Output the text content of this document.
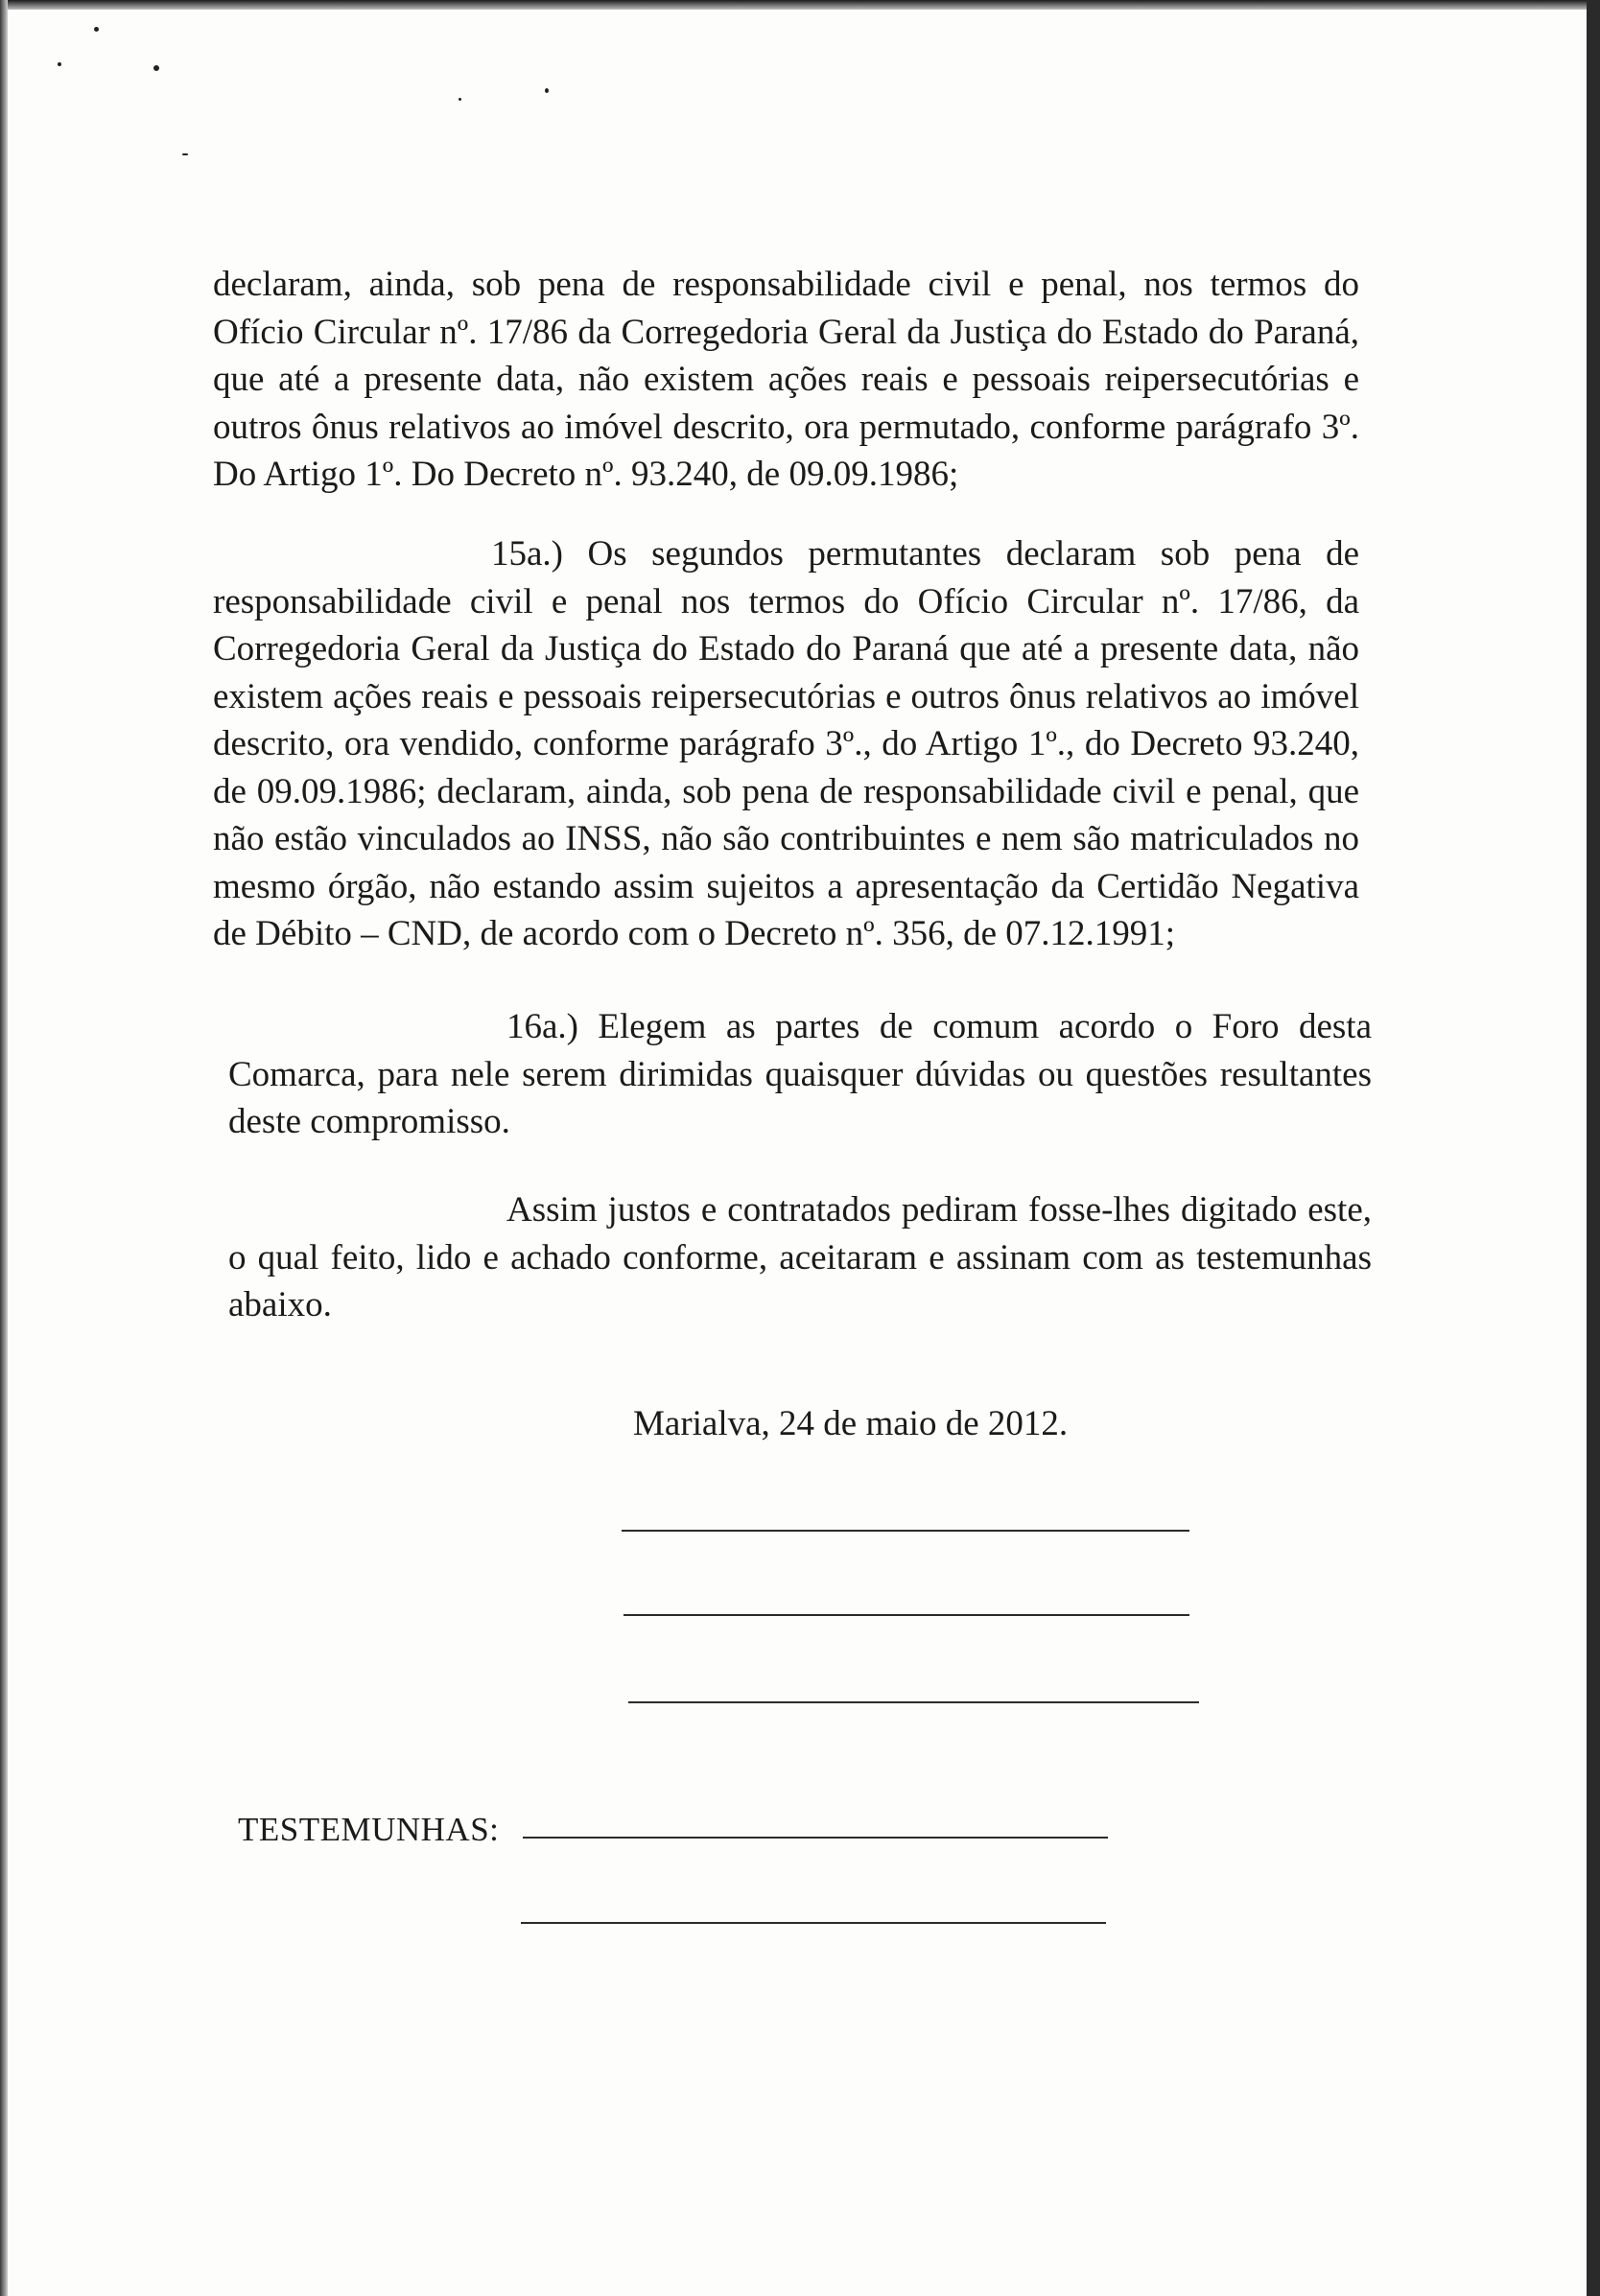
declaram, ainda, sob pena de responsabilidade civil e penal, nos termos do Ofício Circular nº. 17/86 da Corregedoria Geral da Justiça do Estado do Paraná, que até a presente data, não existem ações reais e pessoais reipersecutórias e outros ônus relativos ao imóvel descrito, ora permutado, conforme parágrafo 3º. Do Artigo 1º. Do Decreto nº. 93.240, de 09.09.1986;

15a.) Os segundos permutantes declaram sob pena de responsabilidade civil e penal nos termos do Ofício Circular nº. 17/86, da Corregedoria Geral da Justiça do Estado do Paraná que até a presente data, não existem ações reais e pessoais reipersecutórias e outros ônus relativos ao imóvel descrito, ora vendido, conforme parágrafo 3º., do Artigo 1º., do Decreto 93.240, de 09.09.1986; declaram, ainda, sob pena de responsabilidade civil e penal, que não estão vinculados ao INSS, não são contribuintes e nem são matriculados no mesmo órgão, não estando assim sujeitos a apresentação da Certidão Negativa de Débito – CND, de acordo com o Decreto nº. 356, de 07.12.1991;

16a.) Elegem as partes de comum acordo o Foro desta Comarca, para nele serem dirimidas quaisquer dúvidas ou questões resultantes deste compromisso.

Assim justos e contratados pediram fosse-lhes digitado este, o qual feito, lido e achado conforme, aceitaram e assinam com as testemunhas abaixo.

Marialva, 24 de maio de 2012.

TESTEMUNHAS:
